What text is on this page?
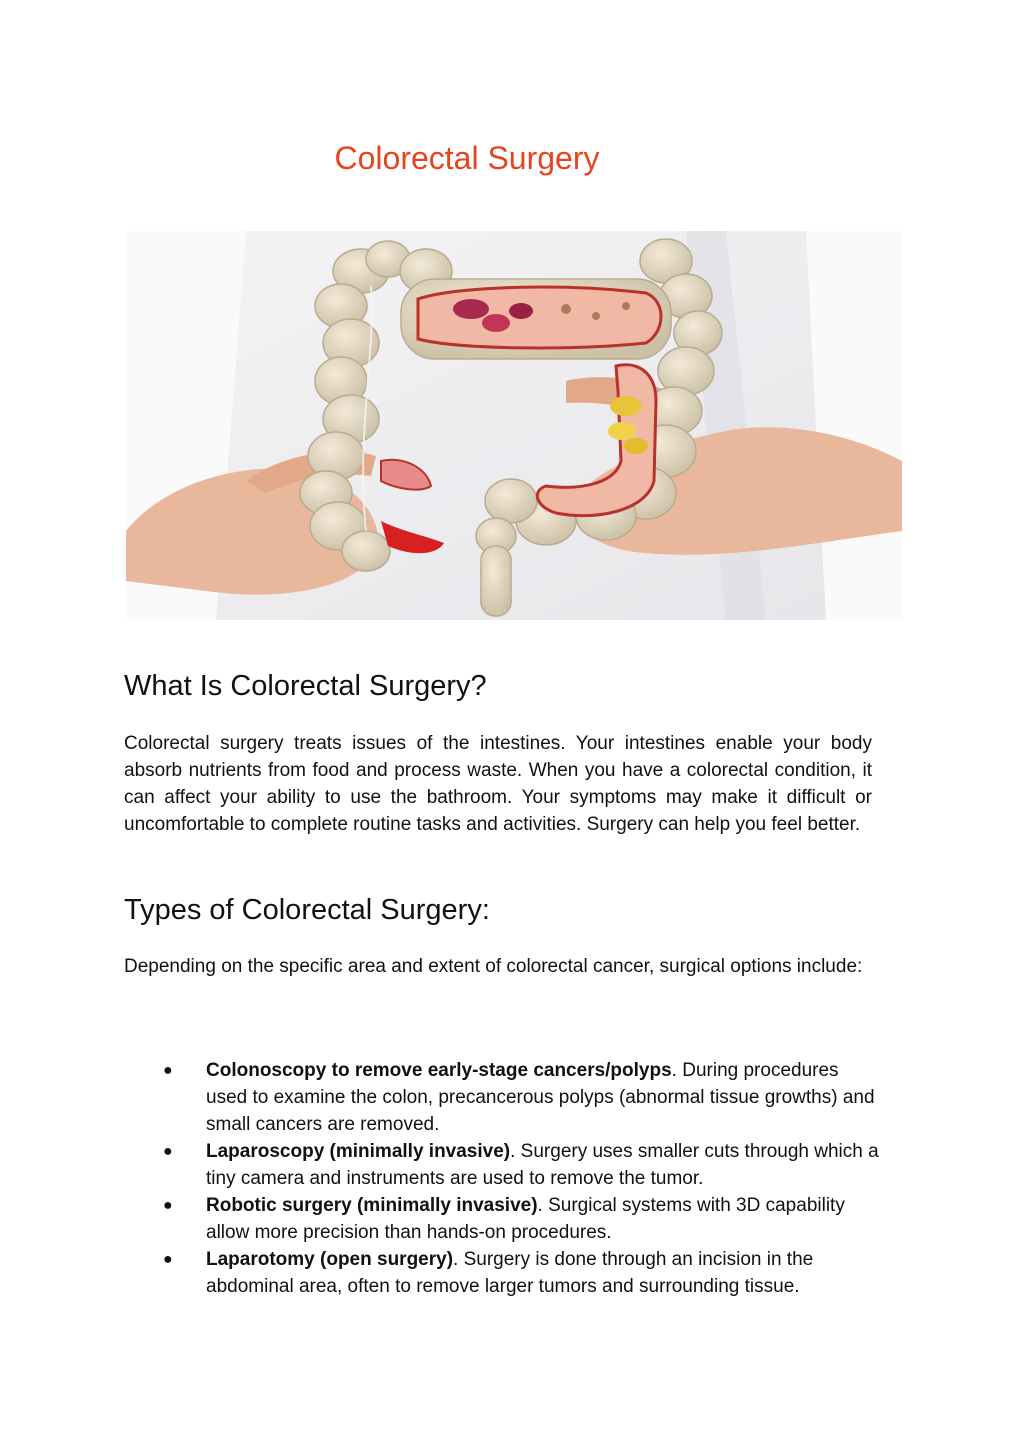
Colorectal Surgery
What Is Colorectal Surgery?

Colorectal surgery treats issues of the intestines. Your intestines enable your body absorb nutrients from food and process waste. When you have a colorectal condition, it can affect your ability to use the bathroom. Your symptoms may make it difficult or uncomfortable to complete routine tasks and activities. Surgery can help you feel better.

Types of Colorectal Surgery:

Depending on the specific area and extent of colorectal cancer, surgical options include:

●	Colonoscopy to remove early-stage cancers/polyps. During procedures used to examine the colon, precancerous polyps (abnormal tissue growths) and small cancers are removed.
●	Laparoscopy (minimally invasive). Surgery uses smaller cuts through which a tiny camera and instruments are used to remove the tumor.
●	Robotic surgery (minimally invasive). Surgical systems with 3D capability allow more precision than hands-on procedures.
●	Laparotomy (open surgery). Surgery is done through an incision in the abdominal area, often to remove larger tumors and surrounding tissue.
